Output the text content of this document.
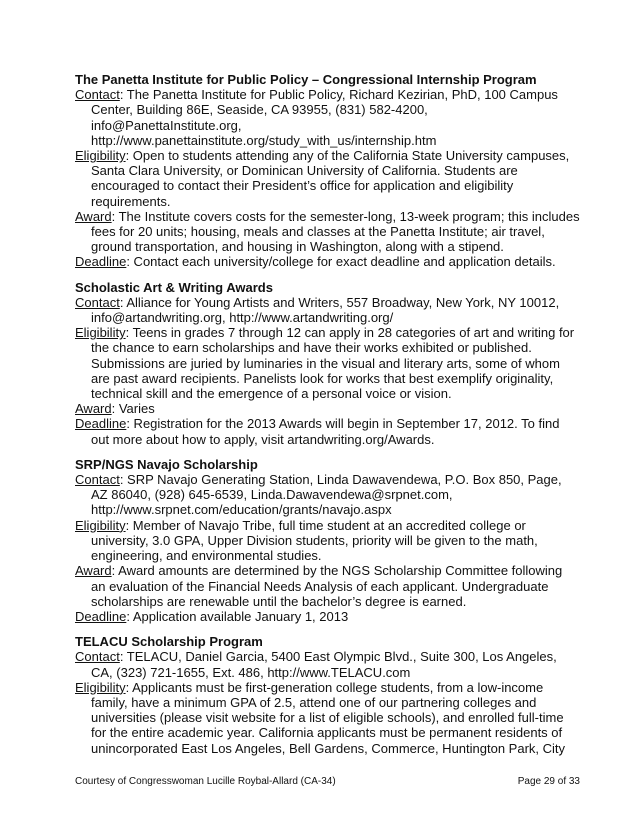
The Panetta Institute for Public Policy – Congressional Internship Program

Contact: The Panetta Institute for Public Policy, Richard Kezirian, PhD, 100 Campus Center, Building 86E, Seaside, CA 93955, (831) 582-4200, info@PanettaInstitute.org, http://www.panettainstitute.org/study_with_us/internship.htm

Eligibility: Open to students attending any of the California State University campuses, Santa Clara University, or Dominican University of California. Students are encouraged to contact their President’s office for application and eligibility requirements.

Award: The Institute covers costs for the semester-long, 13-week program; this includes fees for 20 units; housing, meals and classes at the Panetta Institute; air travel, ground transportation, and housing in Washington, along with a stipend.

Deadline: Contact each university/college for exact deadline and application details.

Scholastic Art & Writing Awards

Contact: Alliance for Young Artists and Writers, 557 Broadway, New York, NY 10012, info@artandwriting.org, http://www.artandwriting.org/

Eligibility: Teens in grades 7 through 12 can apply in 28 categories of art and writing for the chance to earn scholarships and have their works exhibited or published. Submissions are juried by luminaries in the visual and literary arts, some of whom are past award recipients. Panelists look for works that best exemplify originality, technical skill and the emergence of a personal voice or vision.

Award: Varies

Deadline: Registration for the 2013 Awards will begin in September 17, 2012. To find out more about how to apply, visit artandwriting.org/Awards.

SRP/NGS Navajo Scholarship

Contact: SRP Navajo Generating Station, Linda Dawavendewa, P.O. Box 850, Page, AZ 86040, (928) 645-6539, Linda.Dawavendewa@srpnet.com, http://www.srpnet.com/education/grants/navajo.aspx

Eligibility: Member of Navajo Tribe, full time student at an accredited college or university, 3.0 GPA, Upper Division students, priority will be given to the math, engineering, and environmental studies.

Award: Award amounts are determined by the NGS Scholarship Committee following an evaluation of the Financial Needs Analysis of each applicant. Undergraduate scholarships are renewable until the bachelor’s degree is earned.

Deadline: Application available January 1, 2013

TELACU Scholarship Program

Contact: TELACU, Daniel Garcia, 5400 East Olympic Blvd., Suite 300, Los Angeles, CA, (323) 721-1655, Ext. 486, http://www.TELACU.com

Eligibility: Applicants must be first-generation college students, from a low-income family, have a minimum GPA of 2.5, attend one of our partnering colleges and universities (please visit website for a list of eligible schools), and enrolled full-time for the entire academic year. California applicants must be permanent residents of unincorporated East Los Angeles, Bell Gardens, Commerce, Huntington Park, City

Courtesy of Congresswoman Lucille Roybal-Allard (CA-34)	Page 29 of 33
